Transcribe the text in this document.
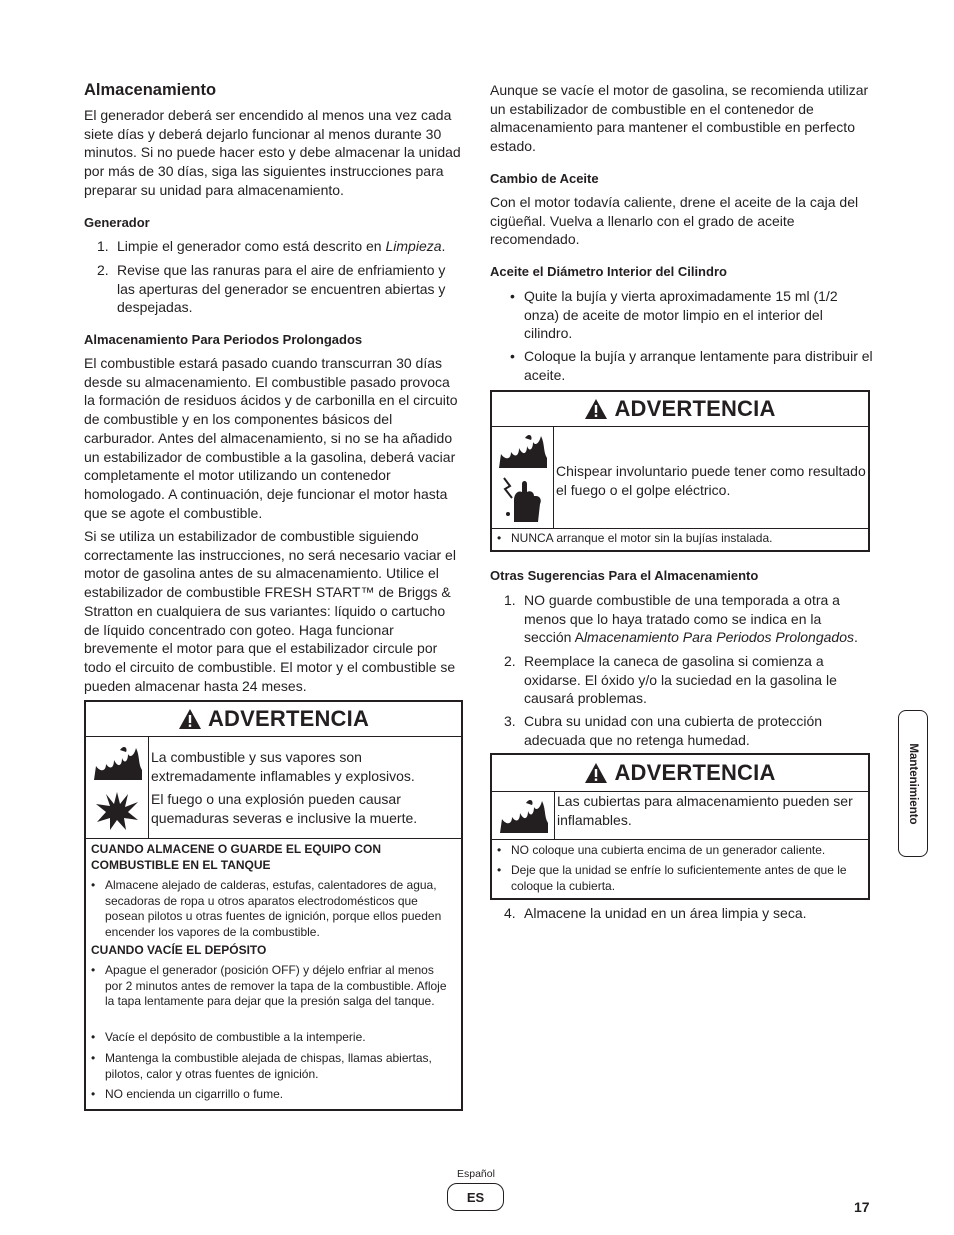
Almacenamiento

El generador deberá ser encendido al menos una vez cada siete días y deberá dejarlo funcionar al menos durante 30 minutos. Si no puede hacer esto y debe almacenar la unidad por más de 30 días, siga las siguientes instrucciones para preparar su unidad para almacenamiento.

Generador
1. Limpie el generador como está descrito en Limpieza.
2. Revise que las ranuras para el aire de enfriamiento y las aperturas del generador se encuentren abiertas y despejadas.
Almacenamiento Para Periodos Prolongados

El combustible estará pasado cuando transcurran 30 días desde su almacenamiento. El combustible pasado provoca la formación de residuos ácidos y de carbonilla en el circuito de combustible y en los componentes básicos del carburador. Antes del almacenamiento, si no se ha añadido un estabilizador de combustible a la gasolina, deberá vaciar completamente el motor utilizando un contenedor homologado. A continuación, deje funcionar el motor hasta que se agote el combustible.

Si se utiliza un estabilizador de combustible siguiendo correctamente las instrucciones, no será necesario vaciar el motor de gasolina antes de su almacenamiento. Utilice el estabilizador de combustible FRESH START™ de Briggs & Stratton en cualquiera de sus variantes: líquido o cartucho de líquido concentrado con goteo. Haga funcionar brevemente el motor para que el estabilizador circule por todo el circuito de combustible. El motor y el combustible se pueden almacenar hasta 24 meses.

ADVERTENCIA
La combustible y sus vapores son extremadamente inflamables y explosivos.
El fuego o una explosión pueden causar quemaduras severas e inclusive la muerte.
CUANDO ALMACENE O GUARDE EL EQUIPO CON COMBUSTIBLE EN EL TANQUE
• Almacene alejado de calderas, estufas, calentadores de agua, secadoras de ropa u otros aparatos electrodomésticos que posean pilotos u otras fuentes de ignición, porque ellos pueden encender los vapores de la combustible.
CUANDO VACÍE EL DEPÓSITO
• Apague el generador (posición OFF) y déjelo enfriar al menos por 2 minutos antes de remover la tapa de la combustible. Afloje la tapa lentamente para dejar que la presión salga del tanque.
• Vacíe el depósito de combustible a la intemperie.
• Mantenga la combustible alejada de chispas, llamas abiertas, pilotos, calor y otras fuentes de ignición.
• NO encienda un cigarrillo o fume.

Aunque se vacíe el motor de gasolina, se recomienda utilizar un estabilizador de combustible en el contenedor de almacenamiento para mantener el combustible en perfecto estado.

Cambio de Aceite

Con el motor todavía caliente, drene el aceite de la caja del cigüeñal. Vuelva a llenarlo con el grado de aceite recomendado.

Aceite el Diámetro Interior del Cilindro
• Quite la bujía y vierta aproximadamente 15 ml (1/2 onza) de aceite de motor limpio en el interior del cilindro.
• Coloque la bujía y arranque lentamente para distribuir el aceite.
ADVERTENCIA
Chispear involuntario puede tener como resultado el fuego o el golpe eléctrico.
• NUNCA arranque el motor sin la bujías instalada.
Otras Sugerencias Para el Almacenamiento
1. NO guarde combustible de una temporada a otra a menos que lo haya tratado como se indica en la sección Almacenamiento Para Periodos Prolongados.
2. Reemplace la caneca de gasolina si comienza a oxidarse. El óxido y/o la suciedad en la gasolina le causará problemas.
3. Cubra su unidad con una cubierta de protección adecuada que no retenga humedad.
ADVERTENCIA
Las cubiertas para almacenamiento pueden ser inflamables.
• NO coloque una cubierta encima de un generador caliente.
• Deje que la unidad se enfríe lo suficientemente antes de que le coloque la cubierta.
4. Almacene la unidad en un área limpia y seca.
Mantenimiento
Español
ES
17
